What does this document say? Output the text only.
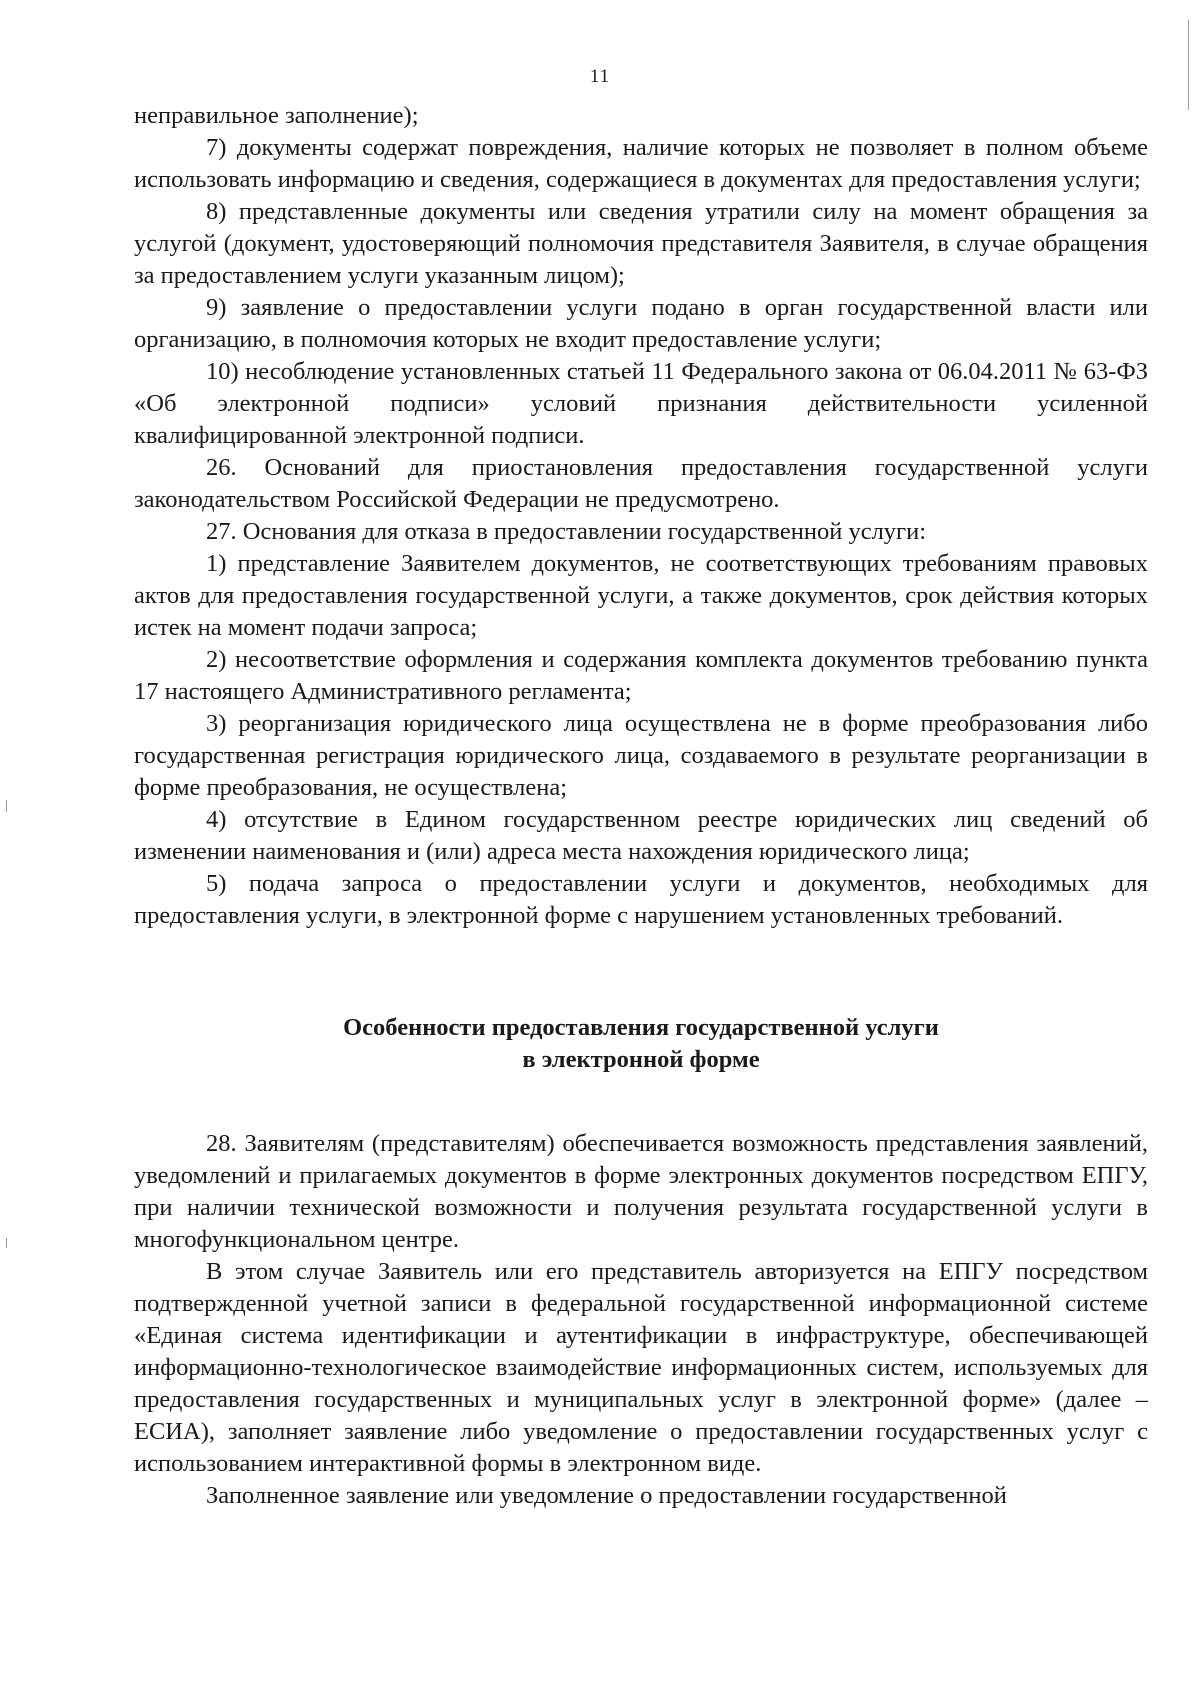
11

неправильное заполнение);

7) документы содержат повреждения, наличие которых не позволяет в полном объеме использовать информацию и сведения, содержащиеся в документах для предоставления услуги;

8) представленные документы или сведения утратили силу на момент обращения за услугой (документ, удостоверяющий полномочия представителя Заявителя, в случае обращения за предоставлением услуги указанным лицом);

9) заявление о предоставлении услуги подано в орган государственной власти или организацию, в полномочия которых не входит предоставление услуги;

10) несоблюдение установленных статьей 11 Федерального закона от 06.04.2011 № 63-ФЗ «Об электронной подписи» условий признания действительности усиленной квалифицированной электронной подписи.

26. Оснований для приостановления предоставления государственной услуги законодательством Российской Федерации не предусмотрено.

27. Основания для отказа в предоставлении государственной услуги:

1) представление Заявителем документов, не соответствующих требованиям правовых актов для предоставления государственной услуги, а также документов, срок действия которых истек на момент подачи запроса;

2) несоответствие оформления и содержания комплекта документов требованию пункта 17 настоящего Административного регламента;

3) реорганизация юридического лица осуществлена не в форме преобразования либо государственная регистрация юридического лица, создаваемого в результате реорганизации в форме преобразования, не осуществлена;

4) отсутствие в Едином государственном реестре юридических лиц сведений об изменении наименования и (или) адреса места нахождения юридического лица;

5) подача запроса о предоставлении услуги и документов, необходимых для предоставления услуги, в электронной форме с нарушением установленных требований.

Особенности предоставления государственной услуги
в электронной форме

28. Заявителям (представителям) обеспечивается возможность представления заявлений, уведомлений и прилагаемых документов в форме электронных документов посредством ЕПГУ, при наличии технической возможности и получения результата государственной услуги в многофункциональном центре.

В этом случае Заявитель или его представитель авторизуется на ЕПГУ посредством подтвержденной учетной записи в федеральной государственной информационной системе «Единая система идентификации и аутентификации в инфраструктуре, обеспечивающей информационно-технологическое взаимодействие информационных систем, используемых для предоставления государственных и муниципальных услуг в электронной форме» (далее – ЕСИА), заполняет заявление либо уведомление о предоставлении государственных услуг с использованием интерактивной формы в электронном виде.

Заполненное заявление или уведомление о предоставлении государственной
